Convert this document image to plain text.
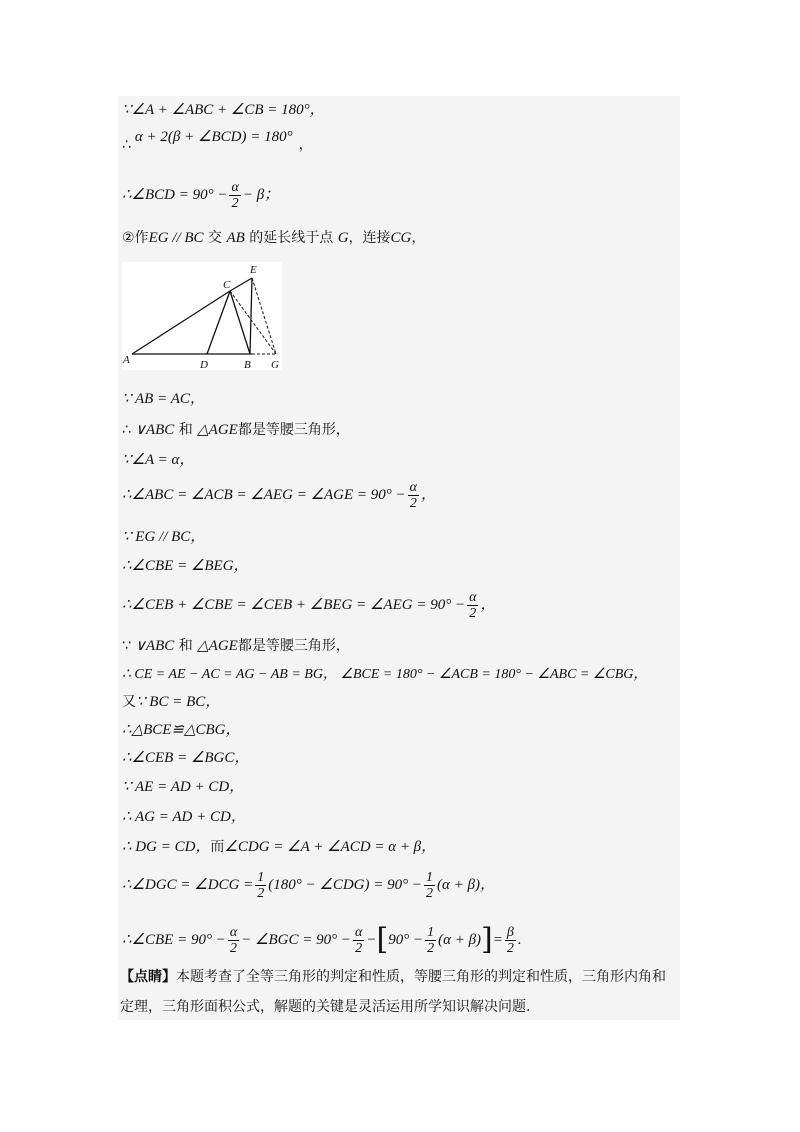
∵∠A + ∠ABC + ∠CB = 180°，
∴ α + 2(β + ∠BCD) = 180° ，
∴∠BCD = $90^\circ - \frac{\alpha}{2} - \beta$；
②作EG // BC 交 AB 的延长线于点 G，连接CG，
A	D	B G
C
E
∵ AB = AC，
∴ ∨ABC 和 △AGE都是等腰三角形，
∵∠A = α，
∴∠ABC = ∠ACB = ∠AEG = ∠AGE = $90^\circ - \frac{\alpha}{2}$ ，
∵ EG // BC，
∴∠CBE = ∠BEG，
∴∠CEB + ∠CBE = ∠CEB + ∠BEG = ∠AEG = $90^\circ - \frac{\alpha}{2}$ ，
∵ ∨ABC 和 △AGE都是等腰三角形，
∴ CE = AE − AC = AG − AB = BG， ∠BCE = 180° − ∠ACB = 180° − ∠ABC = ∠CBG，
又∵ BC = BC，
∴△BCE≌△CBG，
∴∠CEB = ∠BGC，
∵ AE = AD + CD，
∴ AG = AD + CD，
∴ DG = CD，而∠CDG = ∠A + ∠ACD = α + β，
∴∠DGC = ∠DCG = $\frac{1}{2} (180^\circ$ − ∠CDG) = $90^\circ - \frac{1}{2} (\alpha + \beta)$，
∴∠CBE = $90^\circ - \frac{\alpha}{2}$ − ∠BGC = $90^\circ - \frac{\alpha}{2} -[90^\circ - \frac{1}{2} (\alpha + \beta)]= \frac{\beta}{2}$ .
【点睛】本题考查了全等三角形的判定和性质，等腰三角形的判定和性质，三角形内角和定理，三角形面积公式，解题的关键是灵活运用所学知识解决问题.
